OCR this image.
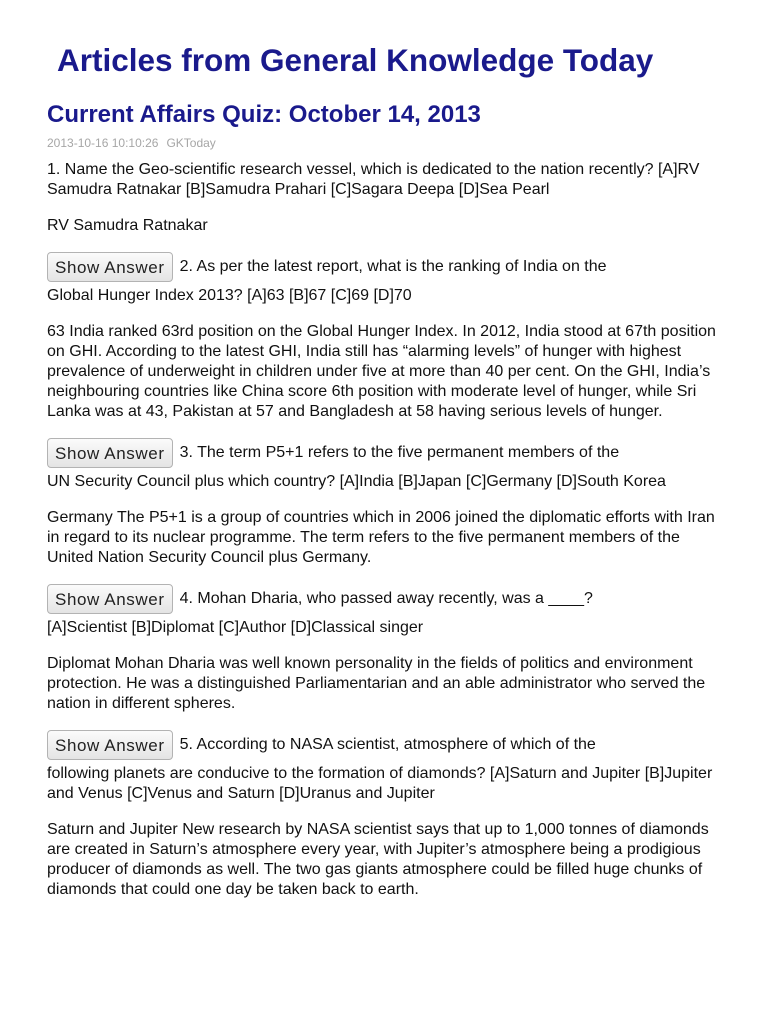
Articles from General Knowledge Today
Current Affairs Quiz: October 14, 2013
2013-10-16 10:10:26 GKToday

1. Name the Geo-scientific research vessel, which is dedicated to the nation recently? [A]RV Samudra Ratnakar [B]Samudra Prahari [C]Sagara Deepa [D]Sea Pearl

RV Samudra Ratnakar

Show Answer 2. As per the latest report, what is the ranking of India on the
Global Hunger Index 2013? [A]63 [B]67 [C]69 [D]70

63 India ranked 63rd position on the Global Hunger Index. In 2012, India stood at 67th position on GHI. According to the latest GHI, India still has “alarming levels” of hunger with highest prevalence of underweight in children under five at more than 40 per cent. On the GHI, India’s neighbouring countries like China score 6th position with moderate level of hunger, while Sri Lanka was at 43, Pakistan at 57 and Bangladesh at 58 having serious levels of hunger.

Show Answer 3. The term P5+1 refers to the five permanent members of the
UN Security Council plus which country? [A]India [B]Japan [C]Germany [D]South Korea

Germany The P5+1 is a group of countries which in 2006 joined the diplomatic efforts with Iran in regard to its nuclear programme. The term refers to the five permanent members of the United Nation Security Council plus Germany.

Show Answer 4. Mohan Dharia, who passed away recently, was a ____?
[A]Scientist [B]Diplomat [C]Author [D]Classical singer

Diplomat Mohan Dharia was well known personality in the fields of politics and environment protection. He was a distinguished Parliamentarian and an able administrator who served the nation in different spheres.

Show Answer 5. According to NASA scientist, atmosphere of which of the
following planets are conducive to the formation of diamonds? [A]Saturn and Jupiter [B]Jupiter and Venus [C]Venus and Saturn [D]Uranus and Jupiter

Saturn and Jupiter New research by NASA scientist says that up to 1,000 tonnes of diamonds are created in Saturn’s atmosphere every year, with Jupiter’s atmosphere being a prodigious producer of diamonds as well. The two gas giants atmosphere could be filled huge chunks of diamonds that could one day be taken back to earth.
